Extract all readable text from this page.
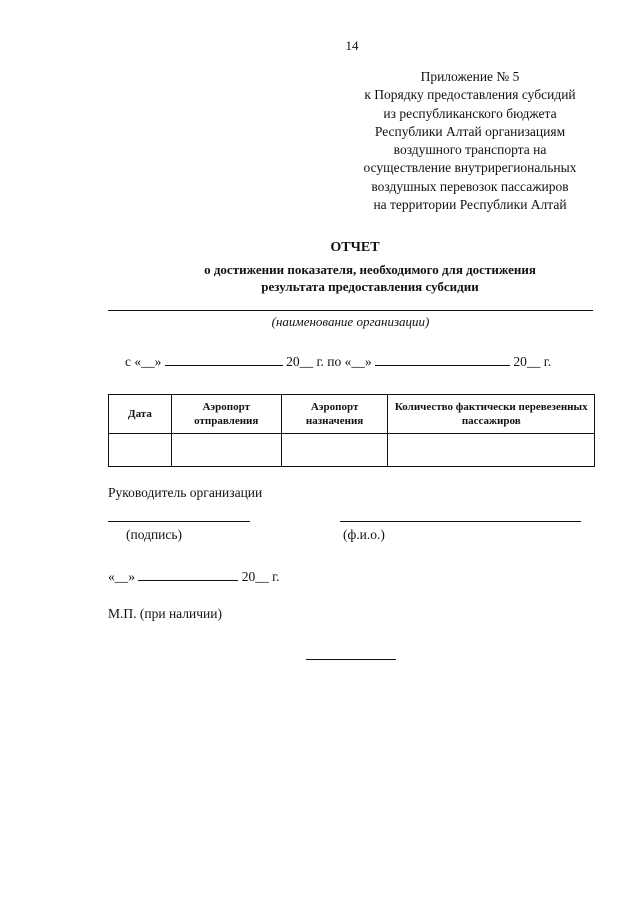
14
Приложение № 5
к Порядку предоставления субсидий
из республиканского бюджета
Республики Алтай организациям
воздушного транспорта на
осуществление внутрирегиональных
воздушных перевозок пассажиров
на территории Республики Алтай
ОТЧЕТ
о достижении показателя, необходимого для достижения
результата предоставления субсидии
(наименование организации)
с «__»	20__ г. по «__»	20__ г.
Дата	Аэропорт отправления	Аэропорт назначения	Количество фактически перевезенных пассажиров

Руководитель организации
(подпись)	(ф.и.о.)
«__»	20__ г.
М.П. (при наличии)
